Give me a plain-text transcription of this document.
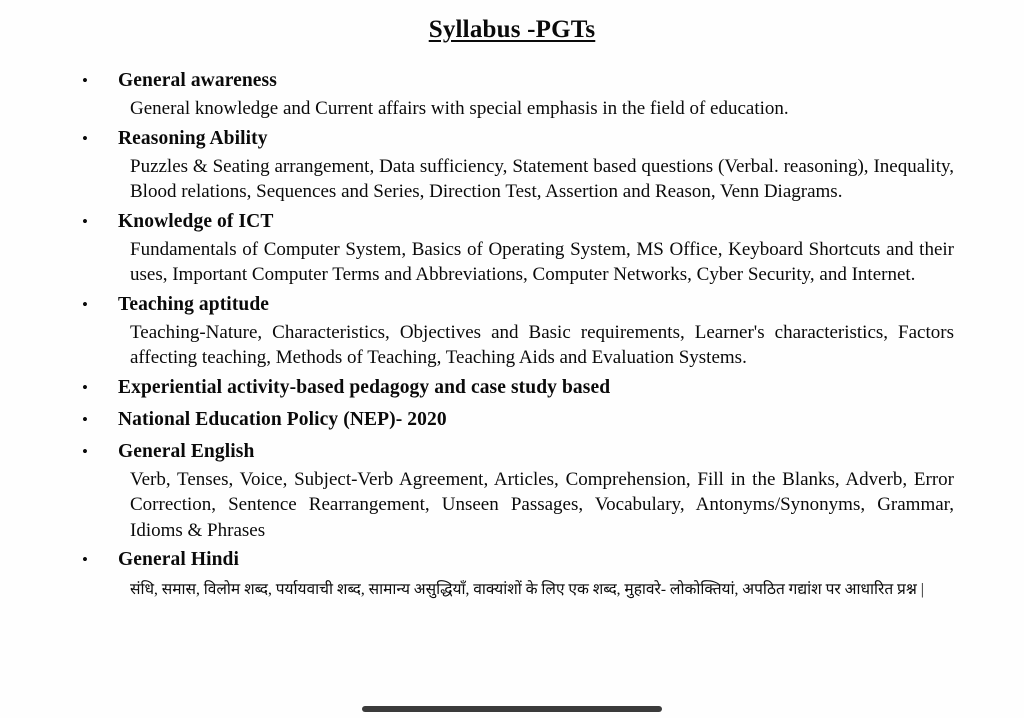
Syllabus -PGTs
•	General awareness
General knowledge and Current affairs with special emphasis in the field of education.
•	Reasoning Ability
Puzzles & Seating arrangement, Data sufficiency, Statement based questions (Verbal. reasoning), Inequality, Blood relations, Sequences and Series, Direction Test, Assertion and Reason, Venn Diagrams.
•	Knowledge of ICT
Fundamentals of Computer System, Basics of Operating System, MS Office, Keyboard Shortcuts and their uses, Important Computer Terms and Abbreviations, Computer Networks, Cyber Security, and Internet.
•	Teaching aptitude
Teaching-Nature, Characteristics, Objectives and Basic requirements, Learner's characteristics, Factors affecting teaching, Methods of Teaching, Teaching Aids and Evaluation Systems.
•	Experiential activity-based pedagogy and case study based
•	National Education Policy (NEP)- 2020
•	General English
Verb, Tenses, Voice, Subject-Verb Agreement, Articles, Comprehension, Fill in the Blanks, Adverb, Error Correction, Sentence Rearrangement, Unseen Passages, Vocabulary, Antonyms/Synonyms, Grammar, Idioms & Phrases
•	General Hindi
संधि, समास, विलोम शब्द, पर्यायवाची शब्द, सामान्य असुद्धियाँ, वाक्यांशों के लिए एक शब्द, मुहावरे- लोकोक्तियां, अपठित गद्यांश पर आधारित प्रश्न |
